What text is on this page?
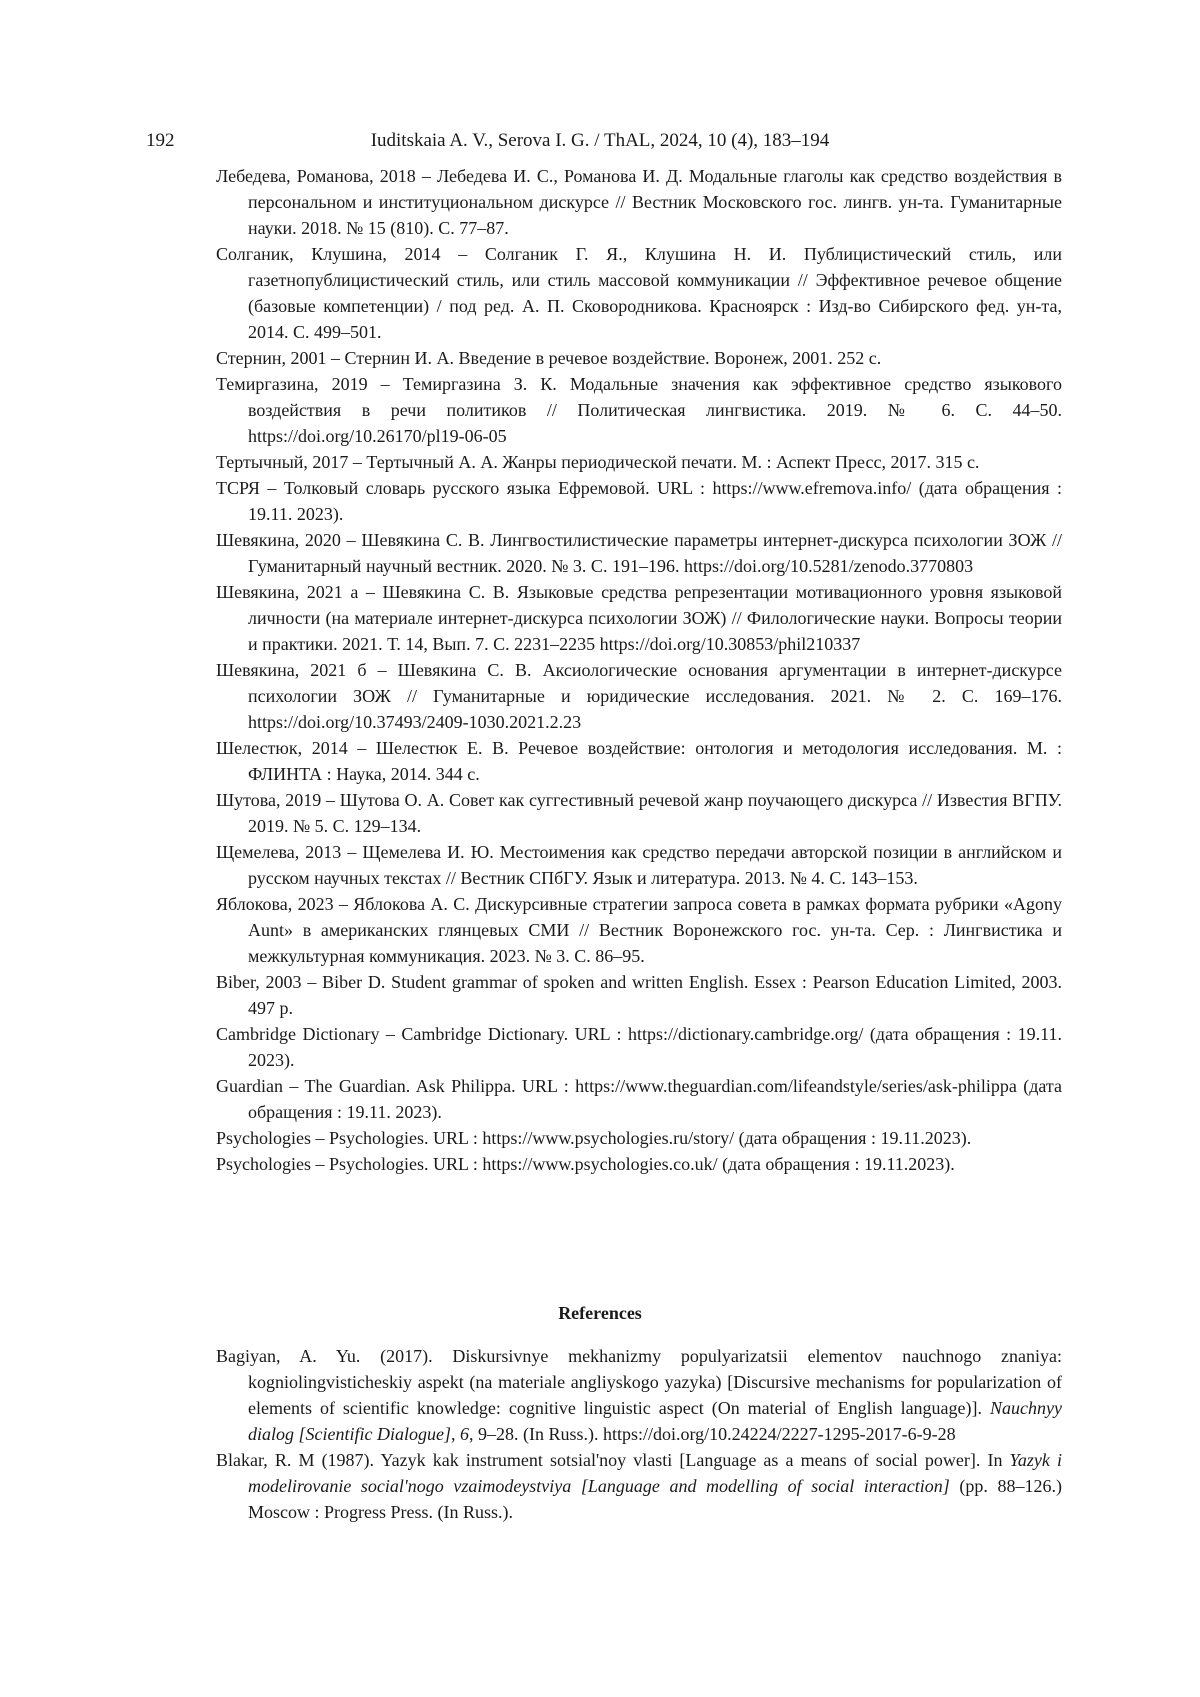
192	Iuditskaia A. V., Serova I. G. / ThAL, 2024, 10 (4), 183–194
Лебедева, Романова, 2018 – Лебедева И. С., Романова И. Д. Модальные глаголы как средство воздействия в персональном и институциональном дискурсе // Вестник Московского гос. лингв. ун-та. Гуманитарные науки. 2018. № 15 (810). С. 77–87.
Солганик, Клушина, 2014 – Солганик Г. Я., Клушина Н. И. Публицистический стиль, или газетнопублицистический стиль, или стиль массовой коммуникации // Эффективное речевое общение (базовые компетенции) / под ред. А. П. Сковородникова. Красноярск : Изд-во Сибирского фед. ун-та, 2014. С. 499–501.
Стернин, 2001 – Стернин И. А. Введение в речевое воздействие. Воронеж, 2001. 252 с.
Темиргазина, 2019 – Темиргазина З. К. Модальные значения как эффективное средство языкового воздействия в речи политиков // Политическая лингвистика. 2019. № 6. С. 44–50. https://doi.org/10.26170/pl19-06-05
Тертычный, 2017 – Тертычный А. А. Жанры периодической печати. М. : Аспект Пресс, 2017. 315 с.
ТСРЯ – Толковый словарь русского языка Ефремовой. URL : https://www.efremova.info/ (дата обращения : 19.11. 2023).
Шевякина, 2020 – Шевякина С. В. Лингвостилистические параметры интернет-дискурса психологии ЗОЖ // Гуманитарный научный вестник. 2020. № 3. С. 191–196. https://doi.org/10.5281/zenodo.3770803
Шевякина, 2021 а – Шевякина С. В. Языковые средства репрезентации мотивационного уровня языковой личности (на материале интернет-дискурса психологии ЗОЖ) // Филологические науки. Вопросы теории и практики. 2021. Т. 14, Вып. 7. С. 2231–2235 https://doi.org/10.30853/phil210337
Шевякина, 2021 б – Шевякина С. В. Аксиологические основания аргументации в интернет-дискурсе психологии ЗОЖ // Гуманитарные и юридические исследования. 2021. № 2. С. 169–176. https://doi.org/10.37493/2409-1030.2021.2.23
Шелестюк, 2014 – Шелестюк Е. В. Речевое воздействие: онтология и методология исследования. М. : ФЛИНТА : Наука, 2014. 344 с.
Шутова, 2019 – Шутова О. А. Совет как суггестивный речевой жанр поучающего дискурса // Известия ВГПУ. 2019. № 5. С. 129–134.
Щемелева, 2013 – Щемелева И. Ю. Местоимения как средство передачи авторской позиции в английском и русском научных текстах // Вестник СПбГУ. Язык и литература. 2013. № 4. С. 143–153.
Яблокова, 2023 – Яблокова А. С. Дискурсивные стратегии запроса совета в рамках формата рубрики «Agony Aunt» в американских глянцевых СМИ // Вестник Воронежского гос. ун-та. Сер. : Лингвистика и межкультурная коммуникация. 2023. № 3. С. 86–95.
Biber, 2003 – Biber D. Student grammar of spoken and written English. Essex : Pearson Education Limited, 2003. 497 p.
Cambridge Dictionary – Cambridge Dictionary. URL : https://dictionary.cambridge.org/ (дата обращения : 19.11. 2023).
Guardian – The Guardian. Ask Philippa. URL : https://www.theguardian.com/lifeandstyle/series/ask-philippa (дата обращения : 19.11. 2023).
Psychologies – Psychologies. URL : https://www.psychologies.ru/story/ (дата обращения : 19.11.2023).
Psychologies – Psychologies. URL : https://www.psychologies.co.uk/ (дата обращения : 19.11.2023).
References
Bagiyan, A. Yu. (2017). Diskursivnye mekhanizmy populyarizatsii elementov nauchnogo znaniya: kogniolingvisticheskiy aspekt (na materiale angliyskogo yazyka) [Discursive mechanisms for popularization of elements of scientific knowledge: cognitive linguistic aspect (On material of English language)]. Nauchnyy dialog [Scientific Dialogue], 6, 9–28. (In Russ.). https://doi.org/10.24224/2227-1295-2017-6-9-28
Blakar, R. M (1987). Yazyk kak instrument sotsial'noy vlasti [Language as a means of social power]. In Yazyk i modelirovanie social'nogo vzaimodeystviya [Language and modelling of social interaction] (pp. 88–126.) Moscow : Progress Press. (In Russ.).
